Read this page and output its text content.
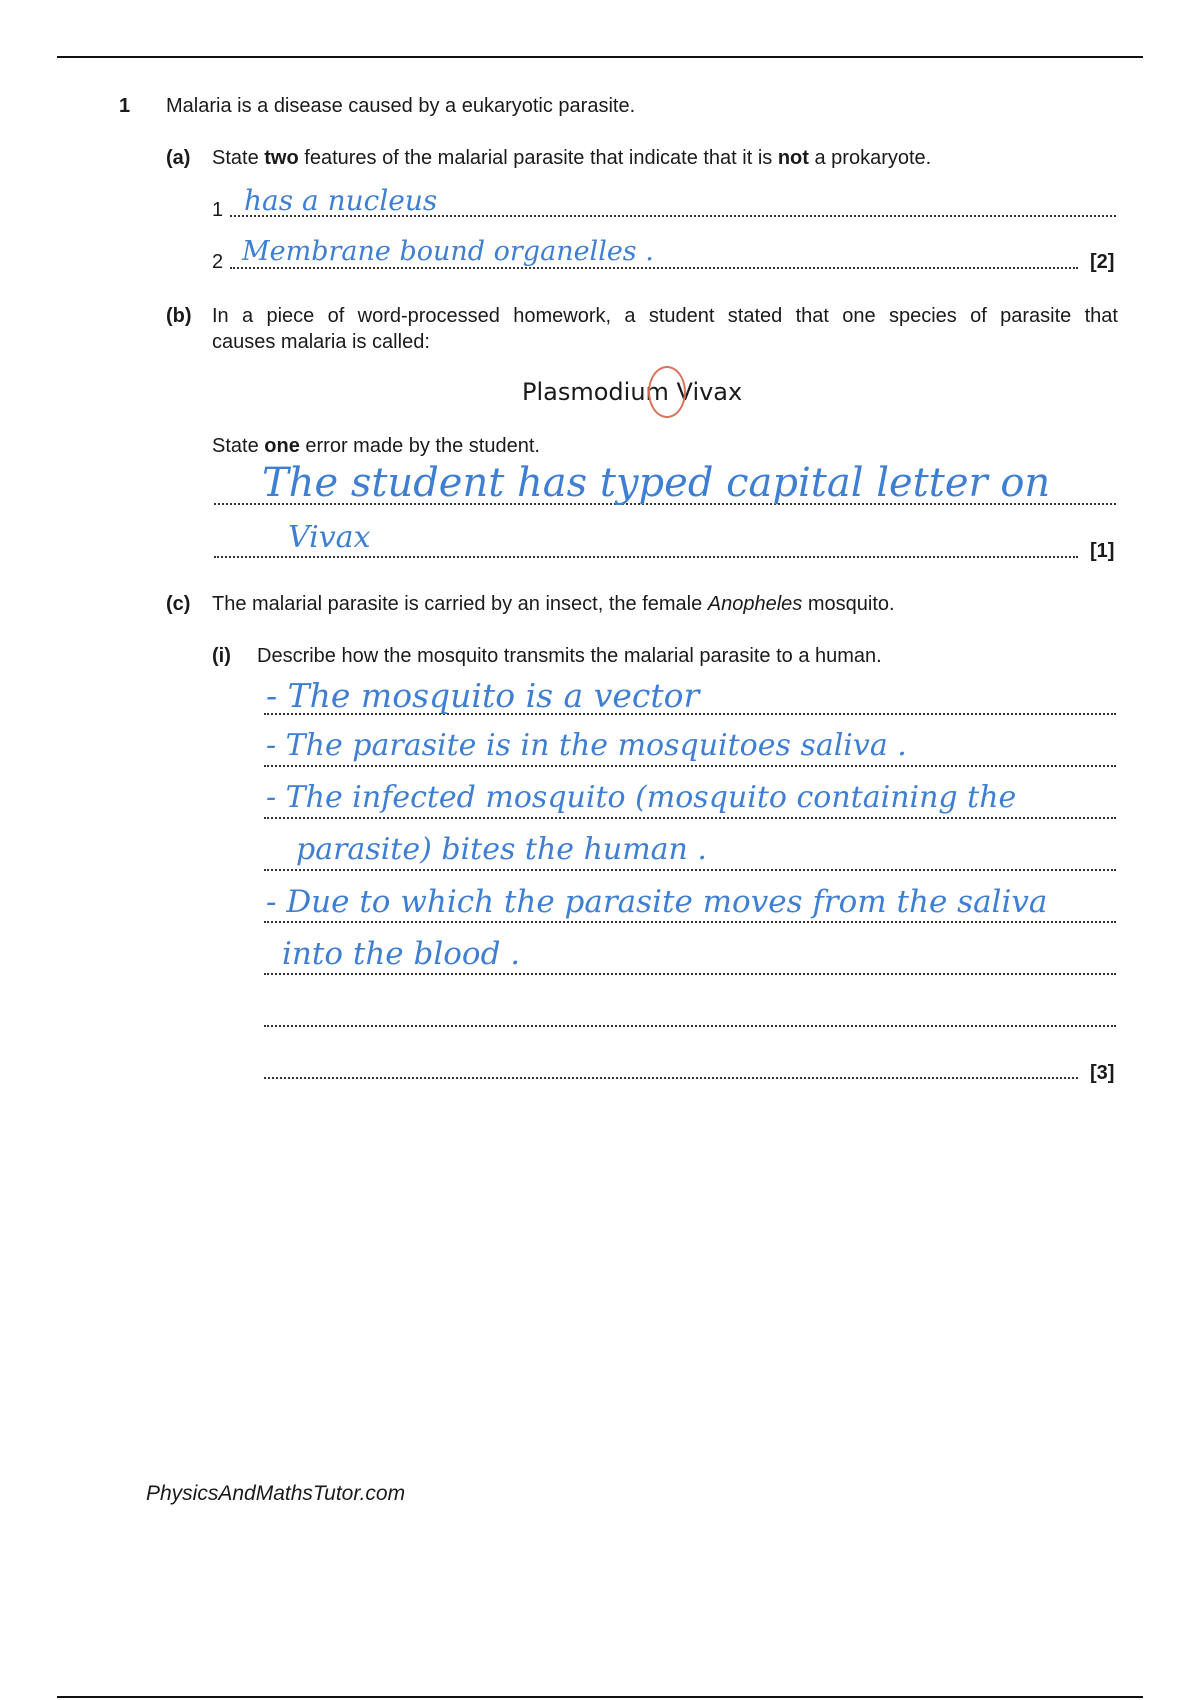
1 Malaria is a disease caused by a eukaryotic parasite.
(a) State two features of the malarial parasite that indicate that it is not a prokaryote.
1 has a nucleus
2 Membrane bound organelles .	[2]
(b) In a piece of word-processed homework, a student stated that one species of parasite that
causes malaria is called:
Plasmodium Vivax
State one error made by the student.
The student has typed capital letter on
Vivax	[1]
(c) The malarial parasite is carried by an insect, the female Anopheles mosquito.
(i) Describe how the mosquito transmits the malarial parasite to a human.
- The mosquito is a vector
- The parasite is in the mosquitoes saliva .
- The infected mosquito (mosquito containing the
parasite) bites the human .
- Due to which the parasite moves from the saliva
into the blood .
[3]
PhysicsAndMathsTutor.com
